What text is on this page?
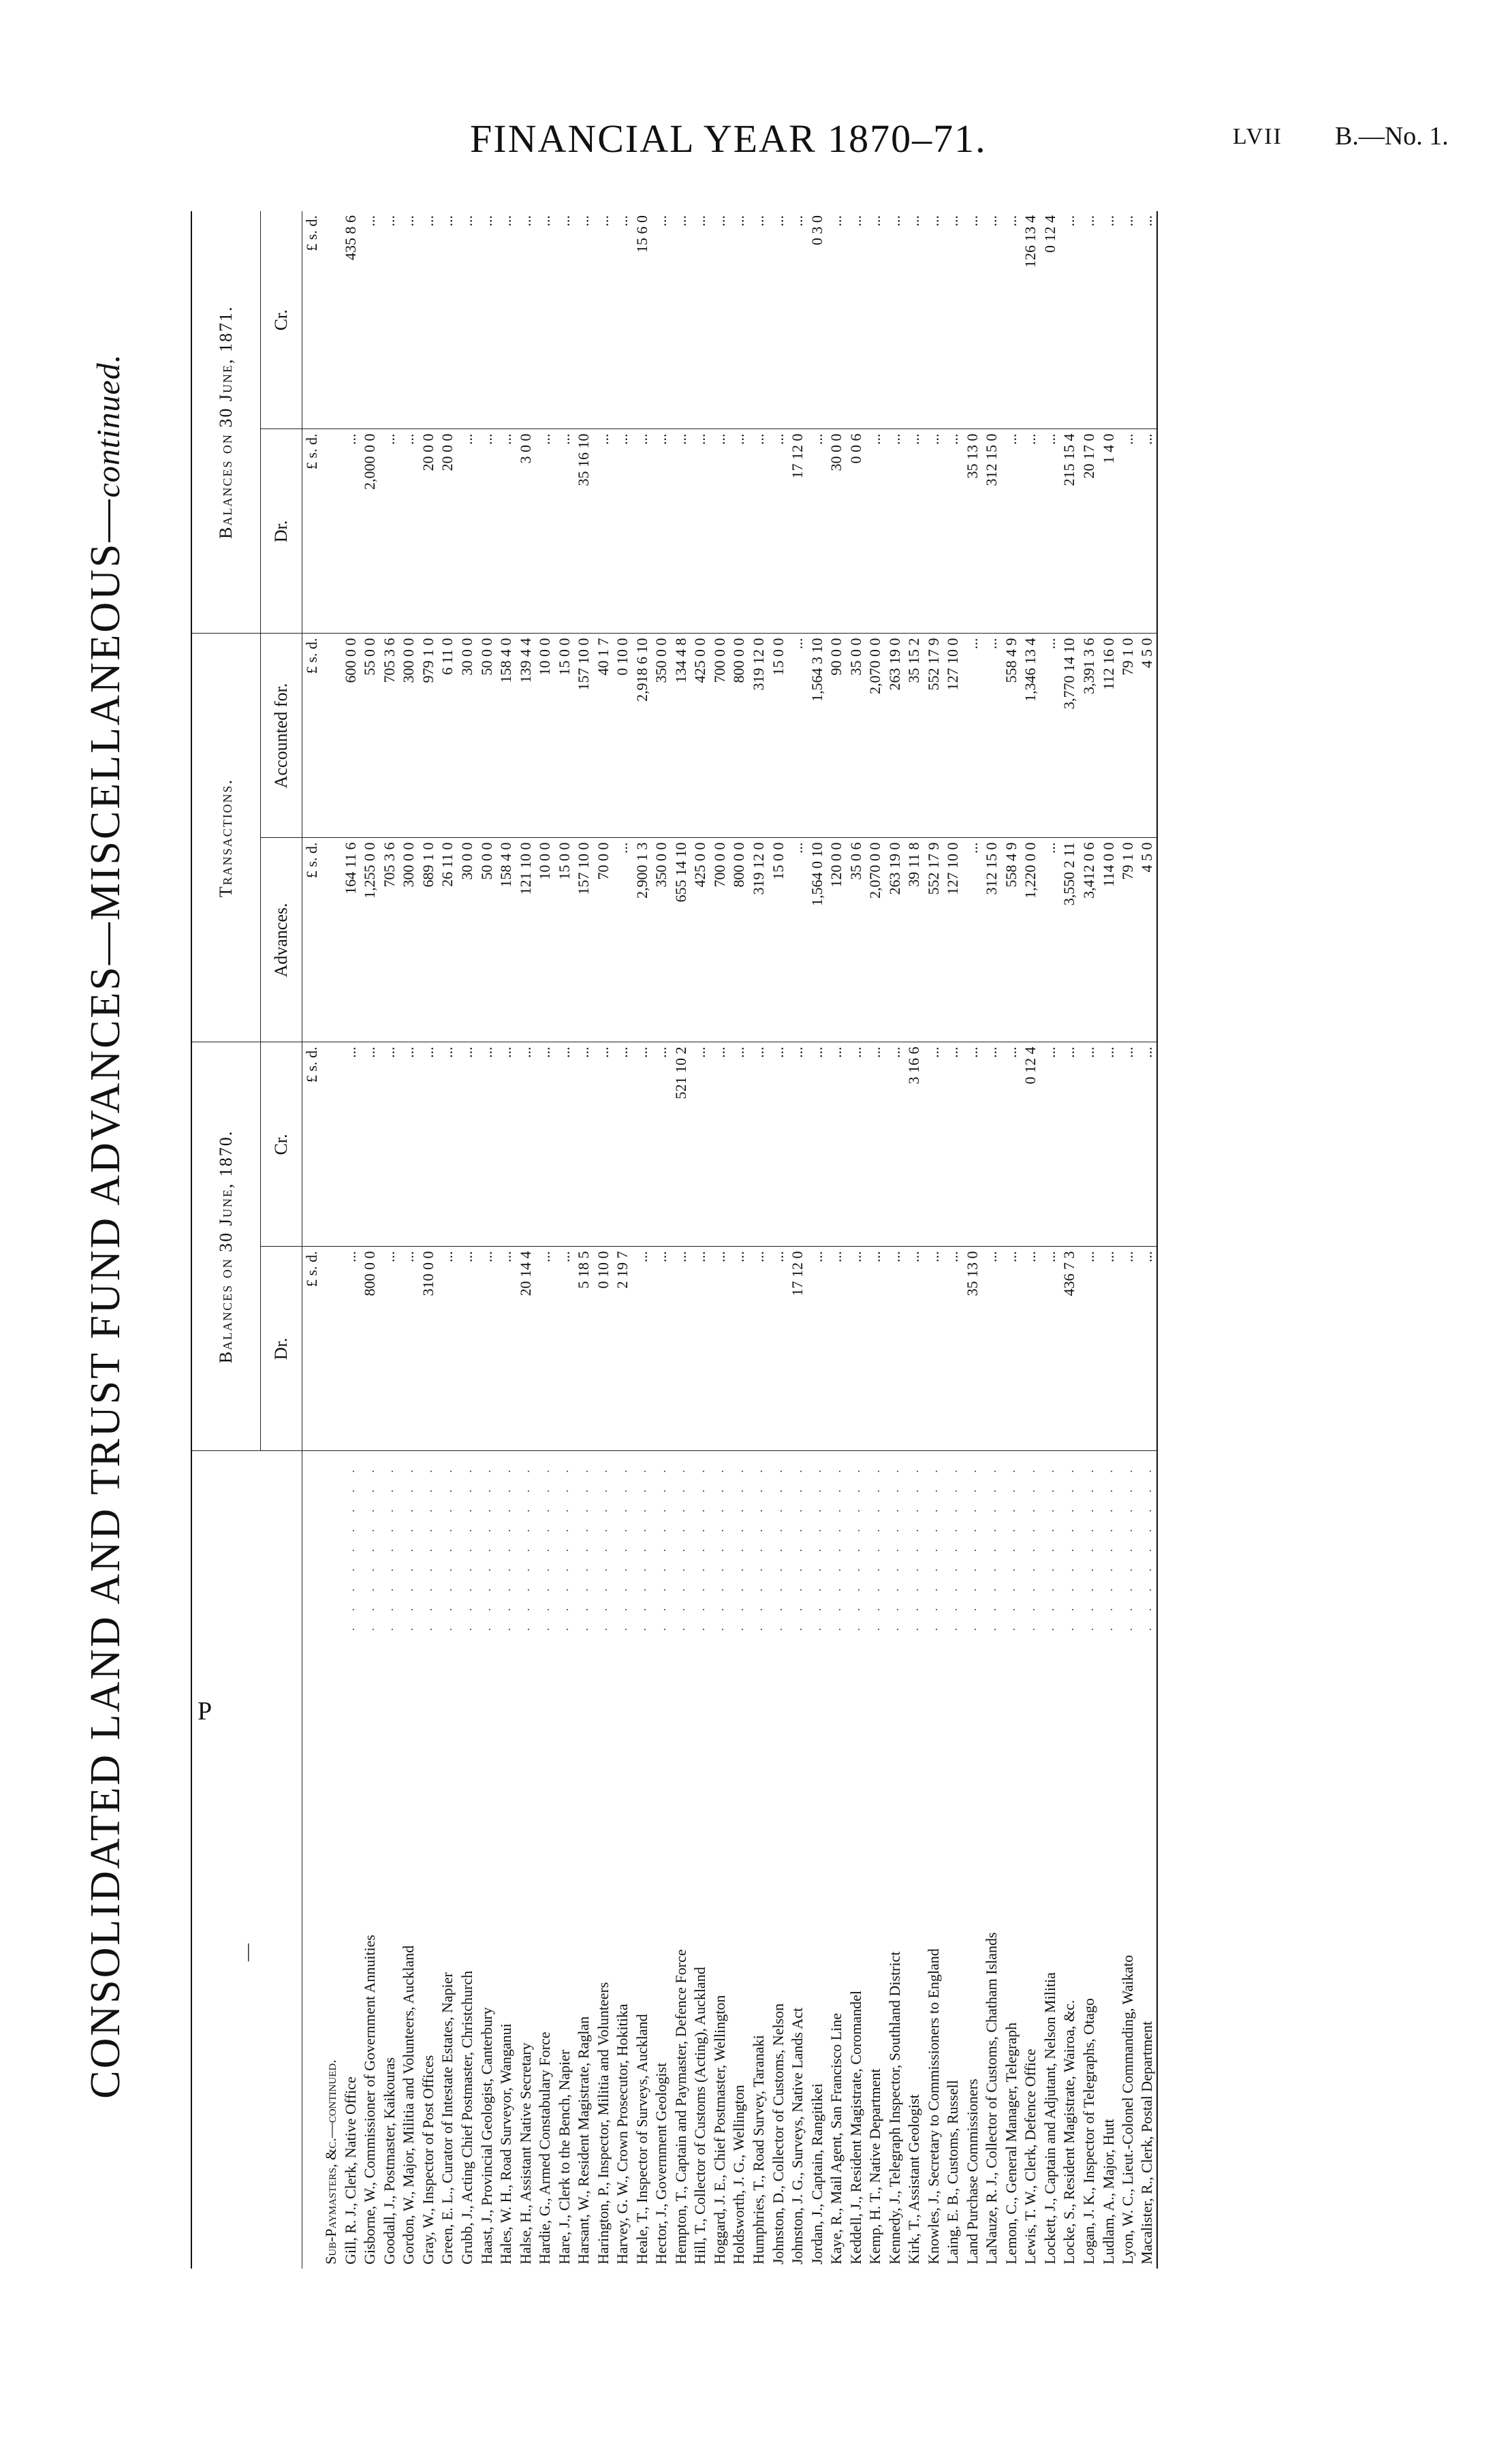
FINANCIAL YEAR 1870–71.	LVII B.—No. 1.
P
CONSOLIDATED LAND AND TRUST FUND ADVANCES—MISCELLANEOUS—continued.
—		Balances on 30 June, 1870.		Transactions.		Balances on 30 June, 1871.	
		Dr.	Cr.	Advances.	Accounted for.	Dr.	Cr.
		£ s. d.	£ s. d.	£ s. d.	£ s. d.	£ s. d.	£ s. d.
Sub-Paymasters, &c.—continued.							
Gill, R. J., Clerk, Native Office	. . . . . . . . .	...	...	164 11 6	600 0 0	...	435 8 6
Gisborne, W., Commissioner of Government Annuities	. . . . . . . . .	800 0 0	...	1,255 0 0	55 0 0	2,000 0 0	...
Goodall, J., Postmaster, Kaikouras	. . . . . . . . .	...	...	705 3 6	705 3 6	...	...
Gordon, W., Major, Militia and Volunteers, Auckland	. . . . . . . . .	...	...	300 0 0	300 0 0	...	...
Gray, W., Inspector of Post Offices	. . . . . . . . .	310 0 0	...	689 1 0	979 1 0	20 0 0	...
Green, E. L., Curator of Intestate Estates, Napier	. . . . . . . . .	...	...	26 11 0	6 11 0	20 0 0	...
Grubb, J., Acting Chief Postmaster, Christchurch	. . . . . . . . .	...	...	30 0 0	30 0 0	...	...
Haast, J., Provincial Geologist, Canterbury	. . . . . . . . .	...	...	50 0 0	50 0 0	...	...
Hales, W. H., Road Surveyor, Wanganui	. . . . . . . . .	...	...	158 4 0	158 4 0	...	...
Halse, H., Assistant Native Secretary	. . . . . . . . .	20 14 4	...	121 10 0	139 4 4	3 0 0	...
Hardie, G., Armed Constabulary Force	. . . . . . . . .	...	...	10 0 0	10 0 0	...	...
Hare, J., Clerk to the Bench, Napier	. . . . . . . . .	...	...	15 0 0	15 0 0	...	...
Harsant, W., Resident Magistrate, Raglan	. . . . . . . . .	5 18 5	...	157 10 0	157 10 0	35 16 10	...
Harington, P., Inspector, Militia and Volunteers	. . . . . . . . .	0 10 0	...	70 0 0	40 1 7	...	...
Harvey, G. W., Crown Prosecutor, Hokitika	. . . . . . . . .	2 19 7	...	...	0 10 0	...	...
Heale, T., Inspector of Surveys, Auckland	. . . . . . . . .	...	...	2,900 1 3	2,918 6 10	...	15 6 0
Hector, J., Government Geologist	. . . . . . . . .	...	...	350 0 0	350 0 0	...	...
Hempton, T., Captain and Paymaster, Defence Force	. . . . . . . . .	...	521 10 2	655 14 10	134 4 8	...	...
Hill, T., Collector of Customs (Acting), Auckland	. . . . . . . . .	...	...	425 0 0	425 0 0	...	...
Hoggard, J. E., Chief Postmaster, Wellington	. . . . . . . . .	...	...	700 0 0	700 0 0	...	...
Holdsworth, J. G., Wellington	. . . . . . . . .	...	...	800 0 0	800 0 0	...	...
Humphries, T., Road Survey, Taranaki	. . . . . . . . .	...	...	319 12 0	319 12 0	...	...
Johnston, D., Collector of Customs, Nelson	. . . . . . . . .	...	...	15 0 0	15 0 0	...	...
Johnston, J. G., Surveys, Native Lands Act	. . . . . . . . .	17 12 0	...	...	...	17 12 0	...
Jordan, J., Captain, Rangitikei	. . . . . . . . .	...	...	1,564 0 10	1,564 3 10	...	0 3 0
Kaye, R., Mail Agent, San Francisco Line	. . . . . . . . .	...	...	120 0 0	90 0 0	30 0 0	...
Keddell, J., Resident Magistrate, Coromandel	. . . . . . . . .	...	...	35 0 6	35 0 0	0 0 6	...
Kemp, H. T., Native Department	. . . . . . . . .	...	...	2,070 0 0	2,070 0 0	...	...
Kennedy, J., Telegraph Inspector, Southland District	. . . . . . . . .	...	...	263 19 0	263 19 0	...	...
Kirk, T., Assistant Geologist	. . . . . . . . .	...	3 16 6	39 11 8	35 15 2	...	...
Knowles, J., Secretary to Commissioners to England	. . . . . . . . .	...	...	552 17 9	552 17 9	...	...
Laing, E. B., Customs, Russell	. . . . . . . . .	...	...	127 10 0	127 10 0	...	...
Land Purchase Commissioners	. . . . . . . . .	35 13 0	...	...	...	35 13 0	...
LaNauze, R. J., Collector of Customs, Chatham Islands	. . . . . . . . .	...	...	312 15 0	...	312 15 0	...
Lemon, C., General Manager, Telegraph	. . . . . . . . .	...	...	558 4 9	558 4 9	...	...
Lewis, T. W., Clerk, Defence Office	. . . . . . . . .	...	0 12 4	1,220 0 0	1,346 13 4	...	126 13 4
Lockett, J., Captain and Adjutant, Nelson Militia	. . . . . . . . .	...	...	...	...	...	0 12 4
Locke, S., Resident Magistrate, Wairoa, &c.	. . . . . . . . .	436 7 3	...	3,550 2 11	3,770 14 10	215 15 4	...
Logan, J. K., Inspector of Telegraphs, Otago	. . . . . . . . .	...	...	3,412 0 6	3,391 3 6	20 17 0	...
Ludlam, A., Major, Hutt	. . . . . . . . .	...	...	114 0 0	112 16 0	1 4 0	...
Lyon, W. C., Lieut.-Colonel Commanding, Waikato	. . . . . . . . .	...	...	79 1 0	79 1 0	...	...
Macalister, R., Clerk, Postal Department	. . . . . . . . .	...	...	4 5 0	4 5 0	...	...
